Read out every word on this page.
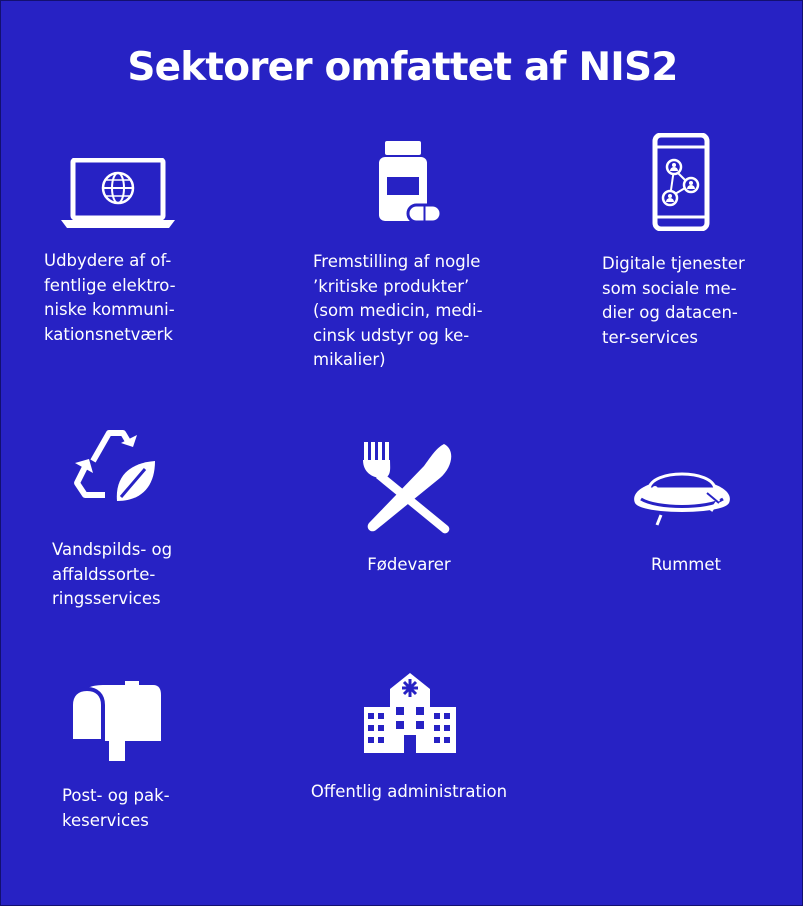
Sektorer omfattet af NIS2

Udbydere af of-
fentlige elektro-
niske kommuni-
kationsnetværk

Fremstilling af nogle
’kritiske produkter’
(som medicin, medi-
cinsk udstyr og ke-
mikalier)

Digitale tjenester
som sociale me-
dier og datacen-
ter-services

Vandspilds- og
affaldssorte-
ringsservices

Fødevarer	Rummet

Post- og pak-
keservices

Offentlig administration
